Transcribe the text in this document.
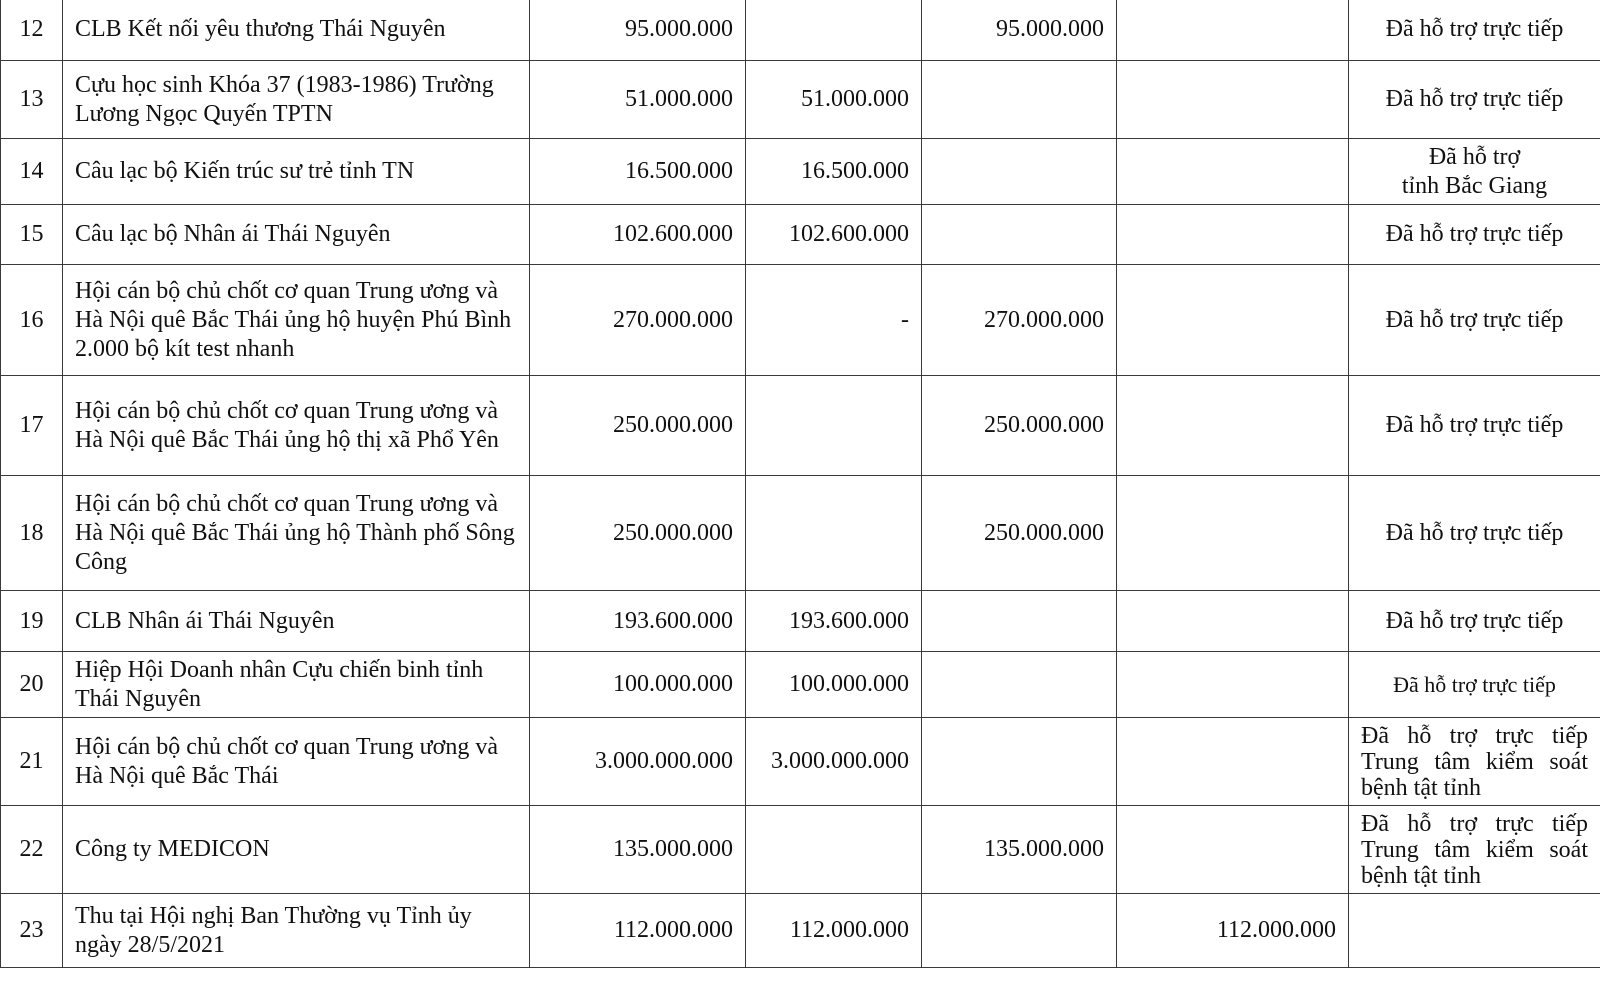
12	CLB Kết nối yêu thương Thái Nguyên	95.000.000		95.000.000		Đã hỗ trợ trực tiếp
13	Cựu học sinh Khóa 37 (1983-1986) Trường Lương Ngọc Quyến TPTN	51.000.000	51.000.000			Đã hỗ trợ trực tiếp
14	Câu lạc bộ Kiến trúc sư trẻ tỉnh TN	16.500.000	16.500.000			Đã hỗ trợ
tỉnh Bắc Giang

15	Câu lạc bộ Nhân ái Thái Nguyên	102.600.000	102.600.000			Đã hỗ trợ trực tiếp
16	Hội cán bộ chủ chốt cơ quan Trung ương và Hà Nội quê Bắc Thái ủng hộ huyện Phú Bình 2.000 bộ kít test nhanh	270.000.000	-	270.000.000		Đã hỗ trợ trực tiếp
17	Hội cán bộ chủ chốt cơ quan Trung ương và Hà Nội quê Bắc Thái ủng hộ thị xã Phổ Yên	250.000.000		250.000.000		Đã hỗ trợ trực tiếp
18	Hội cán bộ chủ chốt cơ quan Trung ương và Hà Nội quê Bắc Thái ủng hộ Thành phố Sông Công	250.000.000		250.000.000		Đã hỗ trợ trực tiếp
19	CLB Nhân ái Thái Nguyên	193.600.000	193.600.000			Đã hỗ trợ trực tiếp
20	Hiệp Hội Doanh nhân Cựu chiến binh tỉnh Thái Nguyên	100.000.000	100.000.000			Đã hỗ trợ trực tiếp
21	Hội cán bộ chủ chốt cơ quan Trung ương và Hà Nội quê Bắc Thái	3.000.000.000	3.000.000.000			Đã hỗ trợ trực tiếp Trung tâm kiểm soát
bệnh tật tỉnh

22	Công ty MEDICON	135.000.000		135.000.000		Đã hỗ trợ trực tiếp Trung tâm kiểm soát
bệnh tật tỉnh

23	Thu tại Hội nghị Ban Thường vụ Tỉnh ủy ngày 28/5/2021	112.000.000	112.000.000		112.000.000	
